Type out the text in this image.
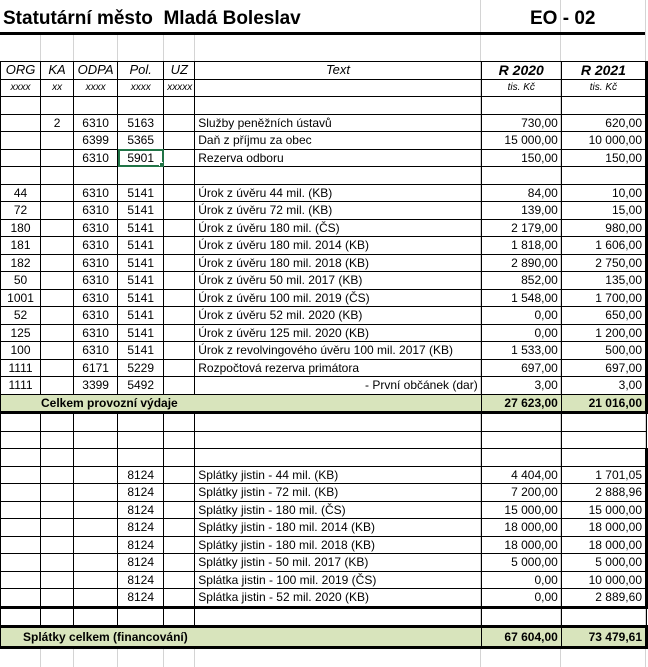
Statutární město  Mladá Boleslav	EO - 02
ORG	KA	ODPA	Pol.	UZ	Text	R 2020	R 2021
xxxx	xx	xxxx	xxxx	xxxxx		tis. Kč	tis. Kč

	2	6310	5163		Služby peněžních ústavů	730,00	620,00
		6399	5365		Daň z příjmu za obec	15 000,00	10 000,00
		6310	5901		Rezerva odboru	150,00	150,00

44		6310	5141		Úrok z úvěru 44 mil. (KB)	84,00	10,00
72		6310	5141		Úrok z úvěru 72 mil. (KB)	139,00	15,00
180		6310	5141		Úrok z úvěru 180 mil. (ČS)	2 179,00	980,00
181		6310	5141		Úrok z úvěru 180 mil. 2014 (KB)	1 818,00	1 606,00
182		6310	5141		Úrok z úvěru 180 mil. 2018 (KB)	2 890,00	2 750,00
50		6310	5141		Úrok z úvěru 50 mil. 2017 (KB)	852,00	135,00
1001		6310	5141		Úrok z úvěru 100 mil. 2019 (ČS)	1 548,00	1 700,00
52		6310	5141		Úrok z úvěru 52 mil. 2020 (KB)	0,00	650,00
125		6310	5141		Úrok z úvěru 125 mil. 2020 (KB)	0,00	1 200,00
100		6310	5141		Úrok z revolvingového úvěru 100 mil. 2017 (KB)	1 533,00	500,00
1111		6171	5229		Rozpočtová rezerva primátora	697,00	697,00
1111		3399	5492		- První občánek (dar)	3,00	3,00
Celkem provozní výdaje						27 623,00	21 016,00

			8124		Splátky jistin - 44 mil. (KB)	4 404,00	1 701,05
			8124		Splátky jistin - 72 mil. (KB)	7 200,00	2 888,96
			8124		Splátky jistin - 180 mil. (ČS)	15 000,00	15 000,00
			8124		Splátky jistin - 180 mil. 2014 (KB)	18 000,00	18 000,00
			8124		Splátky jistin - 180 mil. 2018 (KB)	18 000,00	18 000,00
			8124		Splátky jistin - 50 mil. 2017 (KB)	5 000,00	5 000,00
			8124		Splátka jistin - 100 mil. 2019 (ČS)	0,00	10 000,00
			8124		Splátka jistin - 52 mil. 2020 (KB)	0,00	2 889,60

Splátky celkem (financování)						67 604,00	73 479,61
